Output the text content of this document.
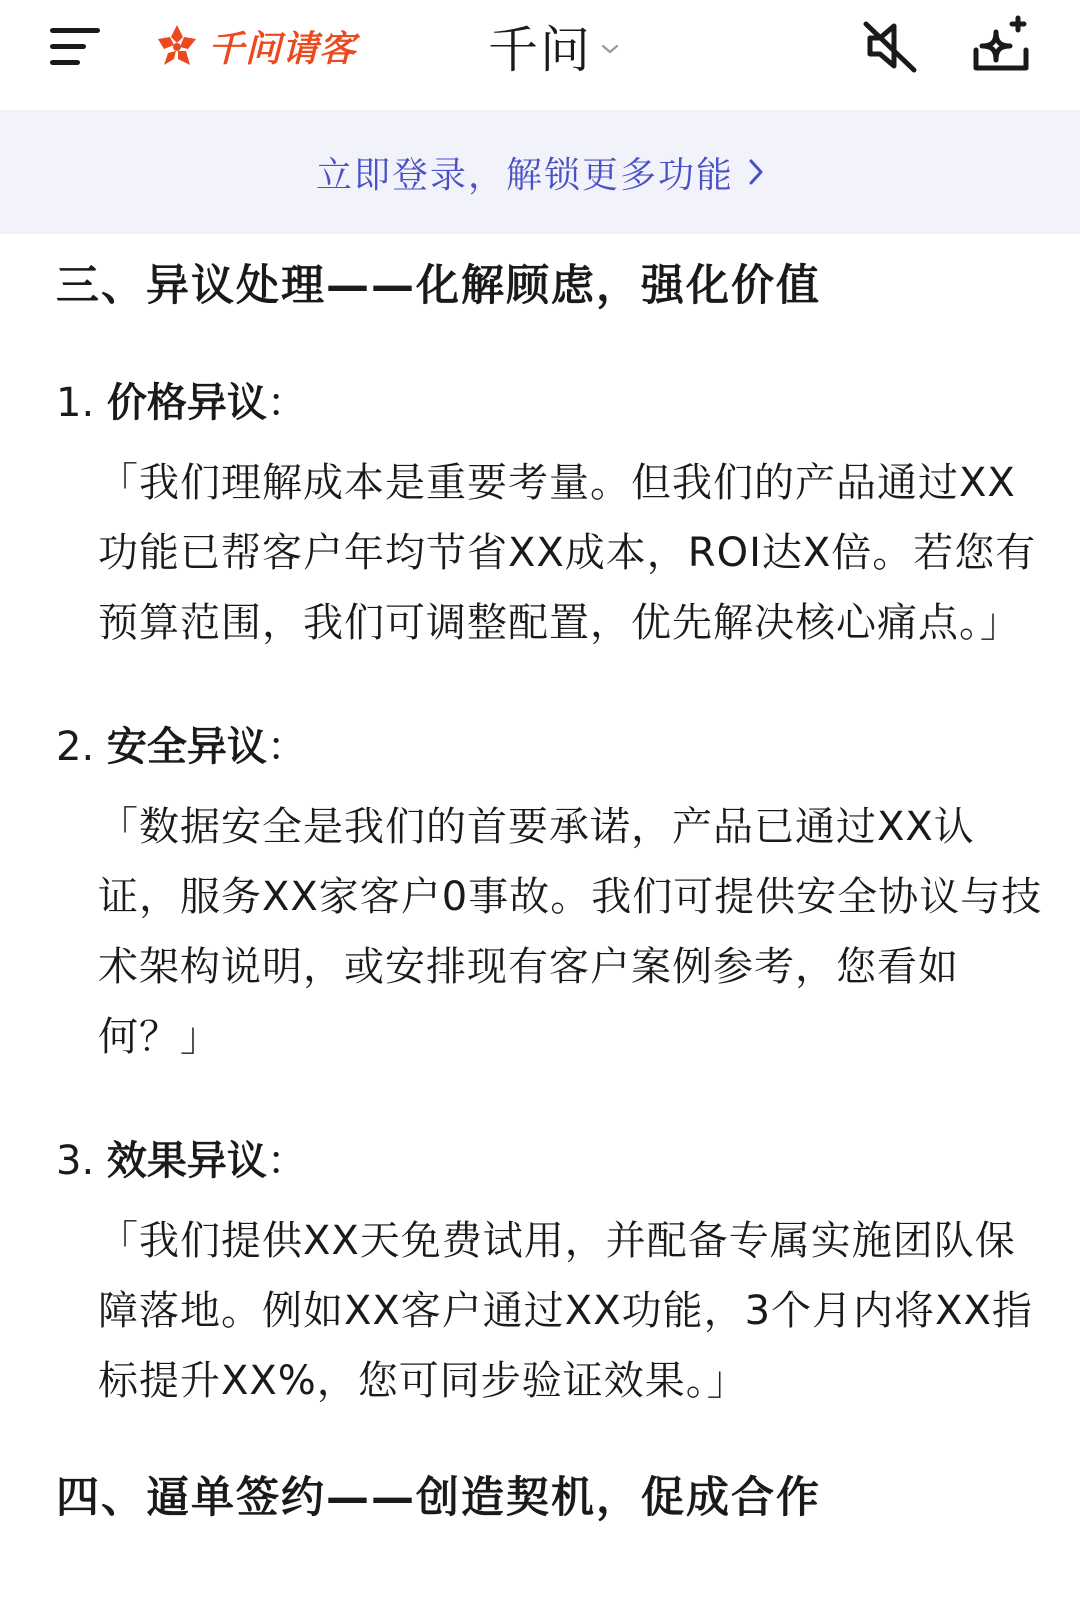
千问请客	千问
立即登录，解锁更多功能
三、异议处理——化解顾虑，强化价值
1. 价格异议：
「我们理解成本是重要考量。但我们的产品通过XX功能已帮客户年均节省XX成本，ROI达X倍。若您有预算范围，我们可调整配置，优先解决核心痛点。」
2. 安全异议：
「数据安全是我们的首要承诺，产品已通过XX认证，服务XX家客户0事故。我们可提供安全协议与技术架构说明，或安排现有客户案例参考，您看如何？」
3. 效果异议：
「我们提供XX天免费试用，并配备专属实施团队保障落地。例如XX客户通过XX功能，3个月内将XX指标提升XX%，您可同步验证效果。」
四、逼单签约——创造契机，促成合作
